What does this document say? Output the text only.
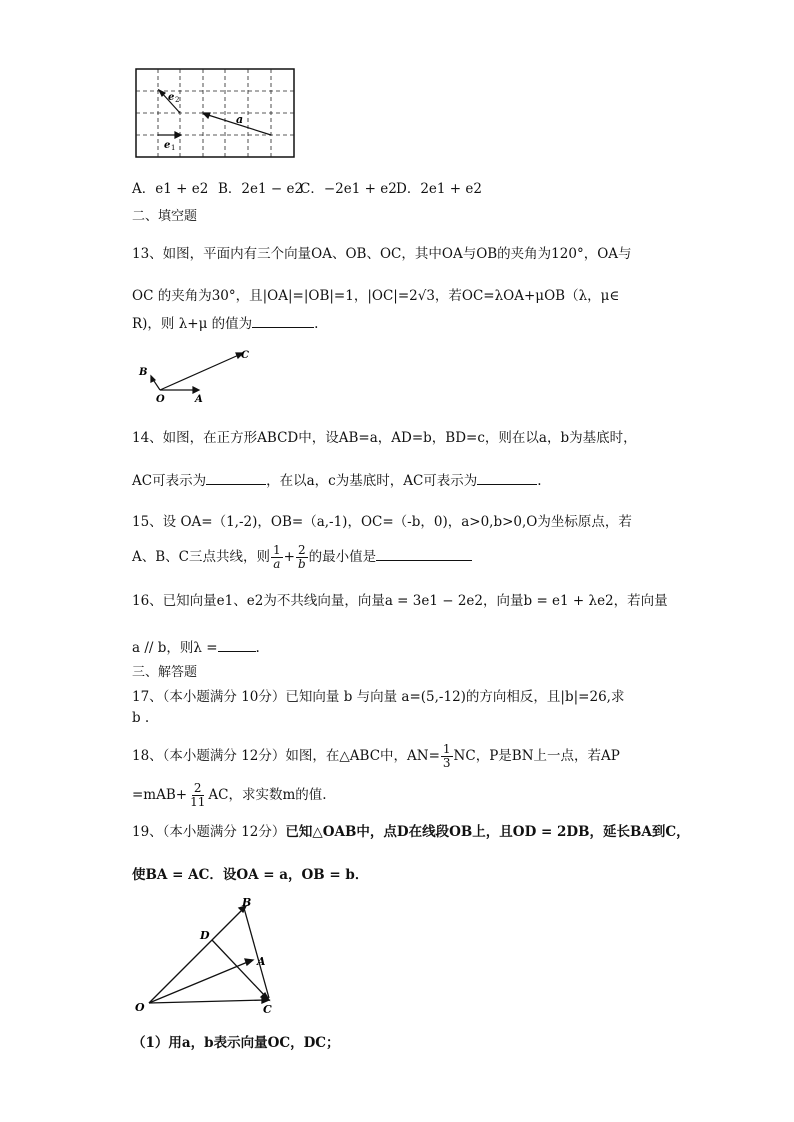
e 2
a
e 1
A．e1 + e2 B．2e1 − e2
C．−2e1 + e2 D．2e1 + e2
二、填空题
13、如图，平面内有三个向量OA、OB、OC，其中OA与OB的夹角为120°，OA与
OC 的夹角为30°，且|OA|=|OB|=1，|OC|=2√3，若OC=λOA+μOB（λ，μ∈
R)，则 λ+μ 的值为	.
B
C
O	A
14、如图，在正方形ABCD中，设AB=a，AD=b，BD=c，则在以a，b为基底时，
AC可表示为	，在以a，c为基底时，AC可表示为	.
15、设 OA=（1,-2)，OB=（a,-1)，OC=（-b，0)，a>0,b>0,O为坐标原点，若
A、B、C三点共线，则 $\frac{1}{a} + \frac{2}{b}$ 的最小值是
16、已知向量e1、e2为不共线向量，向量a = 3e1 − 2e2，向量b = e1 + λe2，若向量
a // b，则λ =	.
三、解答题
17、（本小题满分 10分）已知向量 b 与向量 a=(5,-12)的方向相反，且|b|=26,求
b .
18、（本小题满分 12分）如图，在△ABC中，$AN= \frac{1}{3}$ NC，P是BN上一点，若AP
$=mAB+ \frac{2}{11}$ AC，求实数m的值.
19、（本小题满分 12分）已知△OAB中，点D在线段OB上，且OD = 2DB，延长BA到C，
使BA = AC．设OA = a，OB = b．
B
D
A
O	C
（1）用a，b表示向量OC，DC；
